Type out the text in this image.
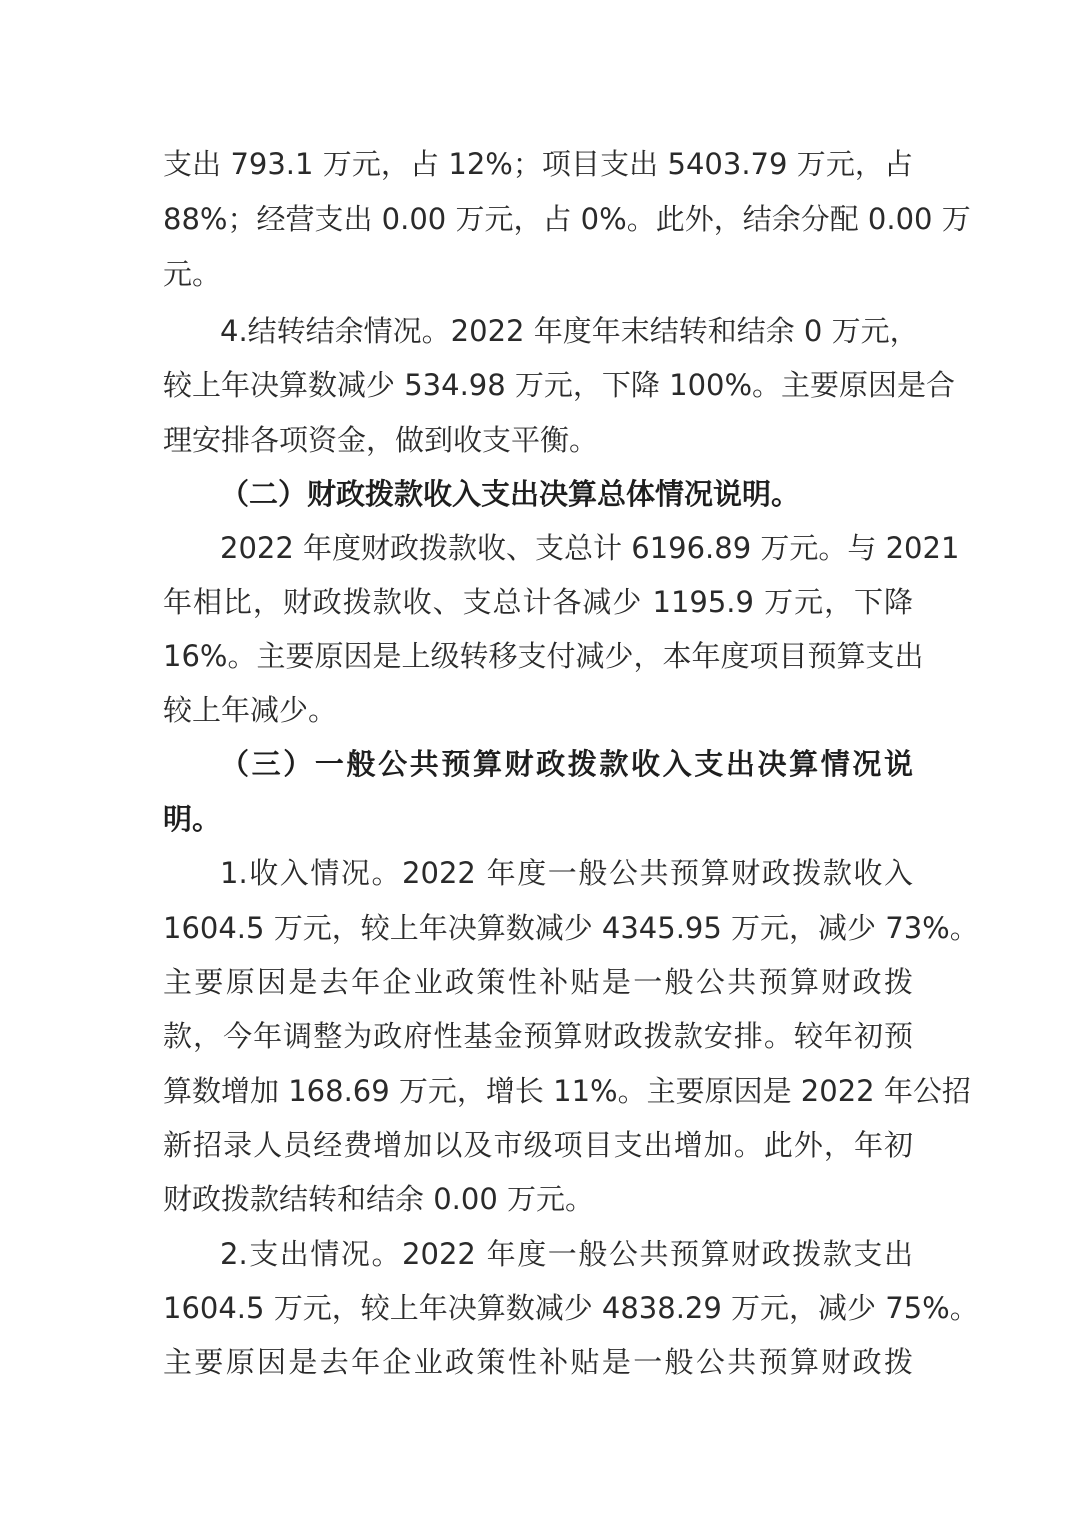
支出 793.1 万元，占 12%；项目支出 5403.79 万元，占
88%；经营支出 0.00 万元，占 0%。此外，结余分配 0.00 万
元。
4.结转结余情况。2022 年度年末结转和结余 0 万元，
较上年决算数减少 534.98 万元，下降 100%。主要原因是合
理安排各项资金，做到收支平衡。
（二）财政拨款收入支出决算总体情况说明。
2022 年度财政拨款收、支总计 6196.89 万元。与 2021
年相比，财政拨款收、支总计各减少 1195.9 万元，下降
16%。主要原因是上级转移支付减少，本年度项目预算支出
较上年减少。
（三）一般公共预算财政拨款收入支出决算情况说
明。
1.收入情况。2022 年度一般公共预算财政拨款收入
1604.5 万元，较上年决算数减少 4345.95 万元，减少 73%。
主要原因是去年企业政策性补贴是一般公共预算财政拨
款，今年调整为政府性基金预算财政拨款安排。较年初预
算数增加 168.69 万元，增长 11%。主要原因是 2022 年公招
新招录人员经费增加以及市级项目支出增加。此外，年初
财政拨款结转和结余 0.00 万元。
2.支出情况。2022 年度一般公共预算财政拨款支出
1604.5 万元，较上年决算数减少 4838.29 万元，减少 75%。
主要原因是去年企业政策性补贴是一般公共预算财政拨
